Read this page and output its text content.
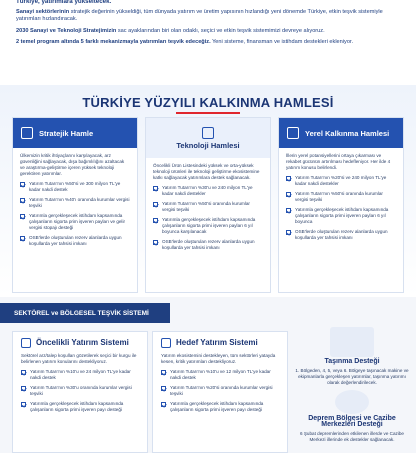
Türkiye, yatırımlara yükseltecek.

Sanayi sektörlerinin stratejik değerinin yükseldiği, tüm dünyada yatırım ve üretim yapısının hızlandığı yeni dönemde Türkiye, etkin teşvik sistemiyle yatırımları hızlandıracak.

2030 Sanayi ve Teknoloji Stratejimizin sac ayaklarından biri olan odaklı, seçici ve etkin teşvik sistemimizi devreye alıyoruz.

2 temel program altında 5 farklı mekanizmayla yatırımları teşvik edeceğiz. Yeni sisteme, finansman ve istihdam destekleri ekleniyor.

TÜRKİYE YÜZYILI KALKINMA HAMLESİ
Stratejik Hamle

Ülkemizin kritik ihtiyaçlarını karşılayacak, arz güvenliğini sağlayacak, dışa bağımlılığını azaltacak ve araştırma-geliştirme içeren yüksek teknoloji gerektiren yatırımlar.

Yatırım Tutarı'nın %50'si ve 300 milyon TL'ye kadar nakdi destek
Yatırım Tutarı'nın %40'ı oranında kurumlar vergisi teşviki
Yatırımla gerçekleşecek istihdam kapsamında çalışanların sigorta prim işveren payları ve gelir vergisi stopajı desteği
OSB'lerde oluşturulan rezerv alanlarda uygun koşullarda yer tahsisi imkanı
Teknoloji Hamlesi

Öncelikli Ürün Listesindeki yüksek ve orta-yüksek teknoloji ürünleri ile teknoloji geliştirme ekosistemine katkı sağlayacak yatırımlara destek sağlanacak.

Yatırım Tutarı'nın %30'u ve 240 milyon TL'ye kadar nakdi destekler
Yatırım Tutarı'nın %50'si oranında kurumlar vergisi teşviki
Yatırımla gerçekleşecek istihdam kapsamında çalışanların sigorta primi işveren payları 6 yıl boyunca karşılanacak
OSB'lerde oluşturulan rezerv alanlarda uygun koşullarda yer tahsisi imkanı
Yerel Kalkınma Hamlesi

İllerin yerel potansiyellerini ortaya çıkarması ve rekabet gücünün artırılması hedefleniyor. Her ilde 4 yatırım konusu belirlendi.

Yatırım Tutarı'nın %20'si ve 240 milyon TL'ye kadar nakdi destekler
Yatırım Tutarı'nın %50'si oranında kurumlar vergisi teşviki
Yatırımla gerçekleşecek istihdam kapsamında çalışanların sigorta primi işveren payları 6 yıl boyunca
OSB'lerde oluşturulan rezerv alanlarda uygun koşullarda yer tahsisi imkanı
SEKTÖREL ve BÖLGESEL TEŞVİK SİSTEMİ
Öncelikli Yatırım Sistemi

Sektörel arz/talep koşulları gözetilerek seçici bir kurgu ile belirlenen yatırım konularını destekliyoruz.

Yatırım Tutarı'nın %10'u ve 24 milyon TL'ye kadar nakdi destek
Yatırım Tutarı'nın %30'u oranında kurumlar vergisi teşviki
Yatırımla gerçekleşecek istihdam kapsamında çalışanların sigorta primi işveren payı desteği
Hedef Yatırım Sistemi

Yatırım ekosistemini destekleyen, tüm sektörleri yatayda kesen, kritik yatırımları destekliyoruz.

Yatırım Tutarı'nın %10'u ve 12 milyon TL'ye kadar nakdi destek
Yatırım Tutarı'nın %20'si oranında kurumlar vergisi teşviki
Yatırımla gerçekleşecek istihdam kapsamında çalışanların sigorta primi işveren payı desteği
Taşınma Desteği

1. Bölgeden, 4, 5, veya 6. Bölgeye taşınacak makine ve ekipmanlarla gerçekleşen yatırımlar, taşınma yatırımı olarak değerlendirilecek.

Deprem Bölgesi ve Cazibe Merkezleri Desteği

6 Şubat depremlerinden etkilenen illerde ve Cazibe Merkezi illerinde ek destekler sağlanacak.
